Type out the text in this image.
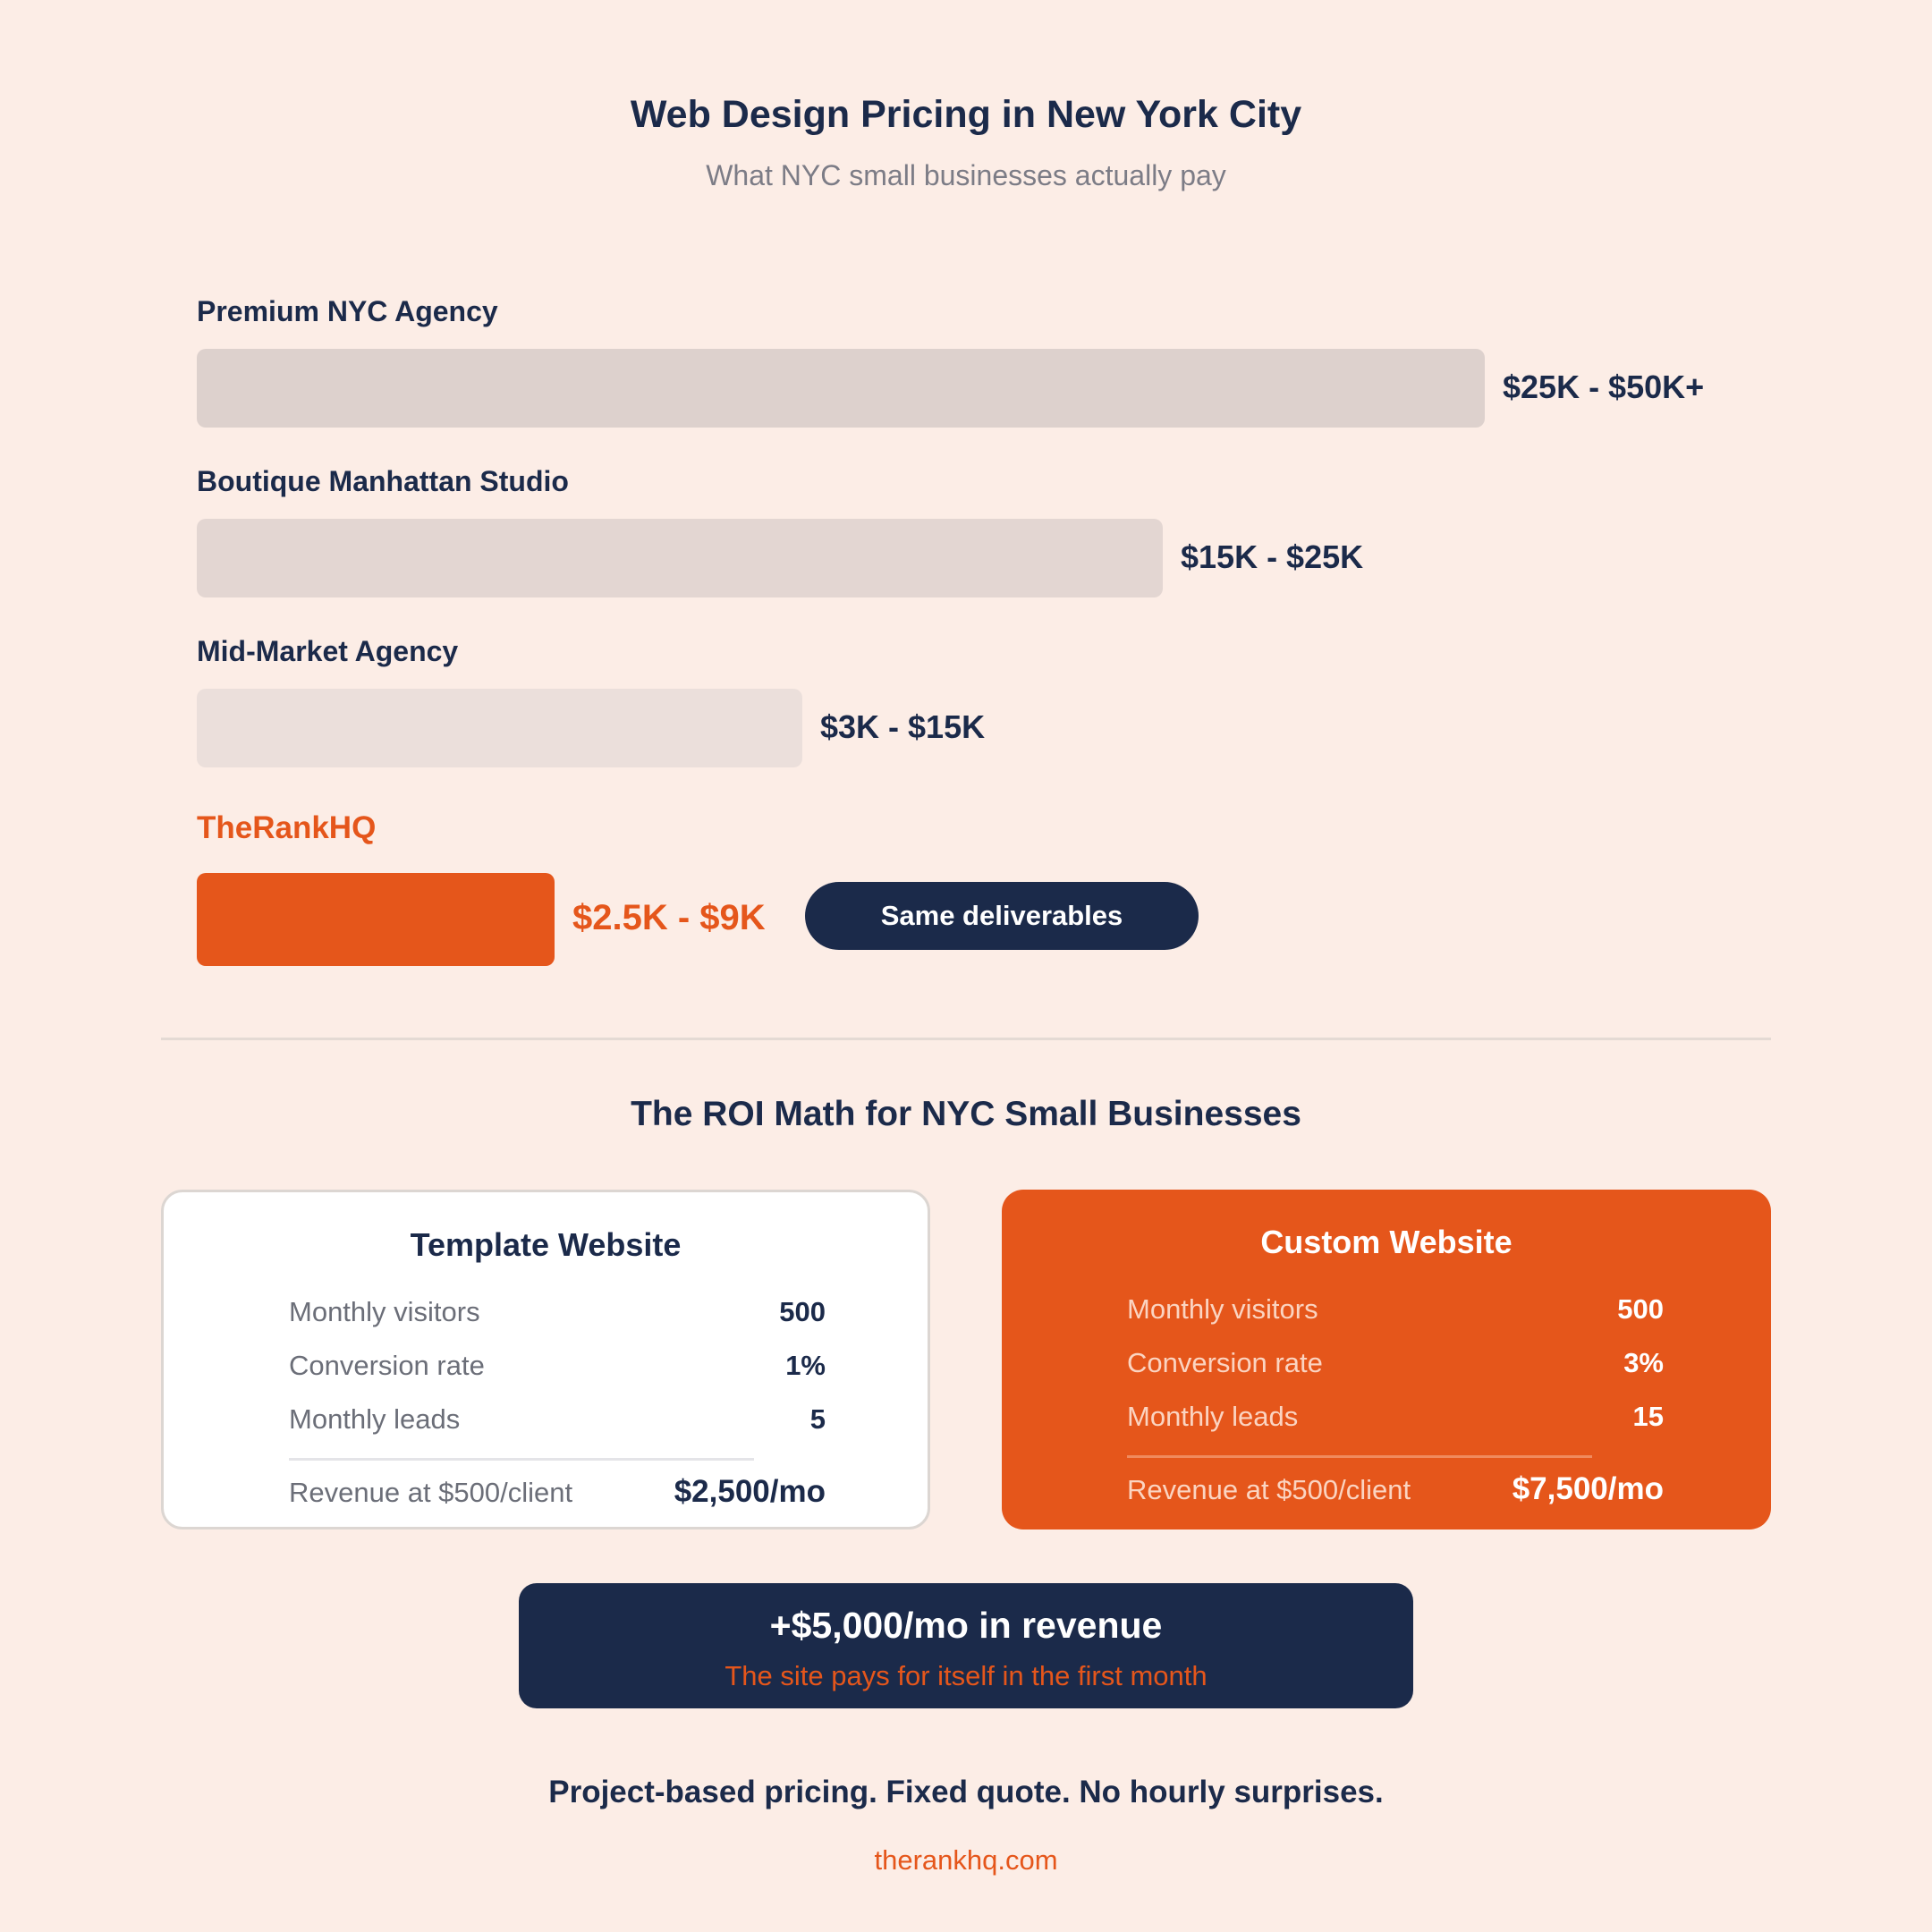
Web Design Pricing in New York City
What NYC small businesses actually pay
Premium NYC Agency
$25K - $50K+
Boutique Manhattan Studio
$15K - $25K
Mid-Market Agency
$3K - $15K
TheRankHQ
$2.5K - $9K	Same deliverables
The ROI Math for NYC Small Businesses
Template Website
Monthly visitors	500
Conversion rate	1%
Monthly leads	5
Revenue at $500/client	$2,500/mo
Custom Website
Monthly visitors	500
Conversion rate	3%
Monthly leads	15
Revenue at $500/client	$7,500/mo
+$5,000/mo in revenue
The site pays for itself in the first month
Project-based pricing. Fixed quote. No hourly surprises.
therankhq.com
